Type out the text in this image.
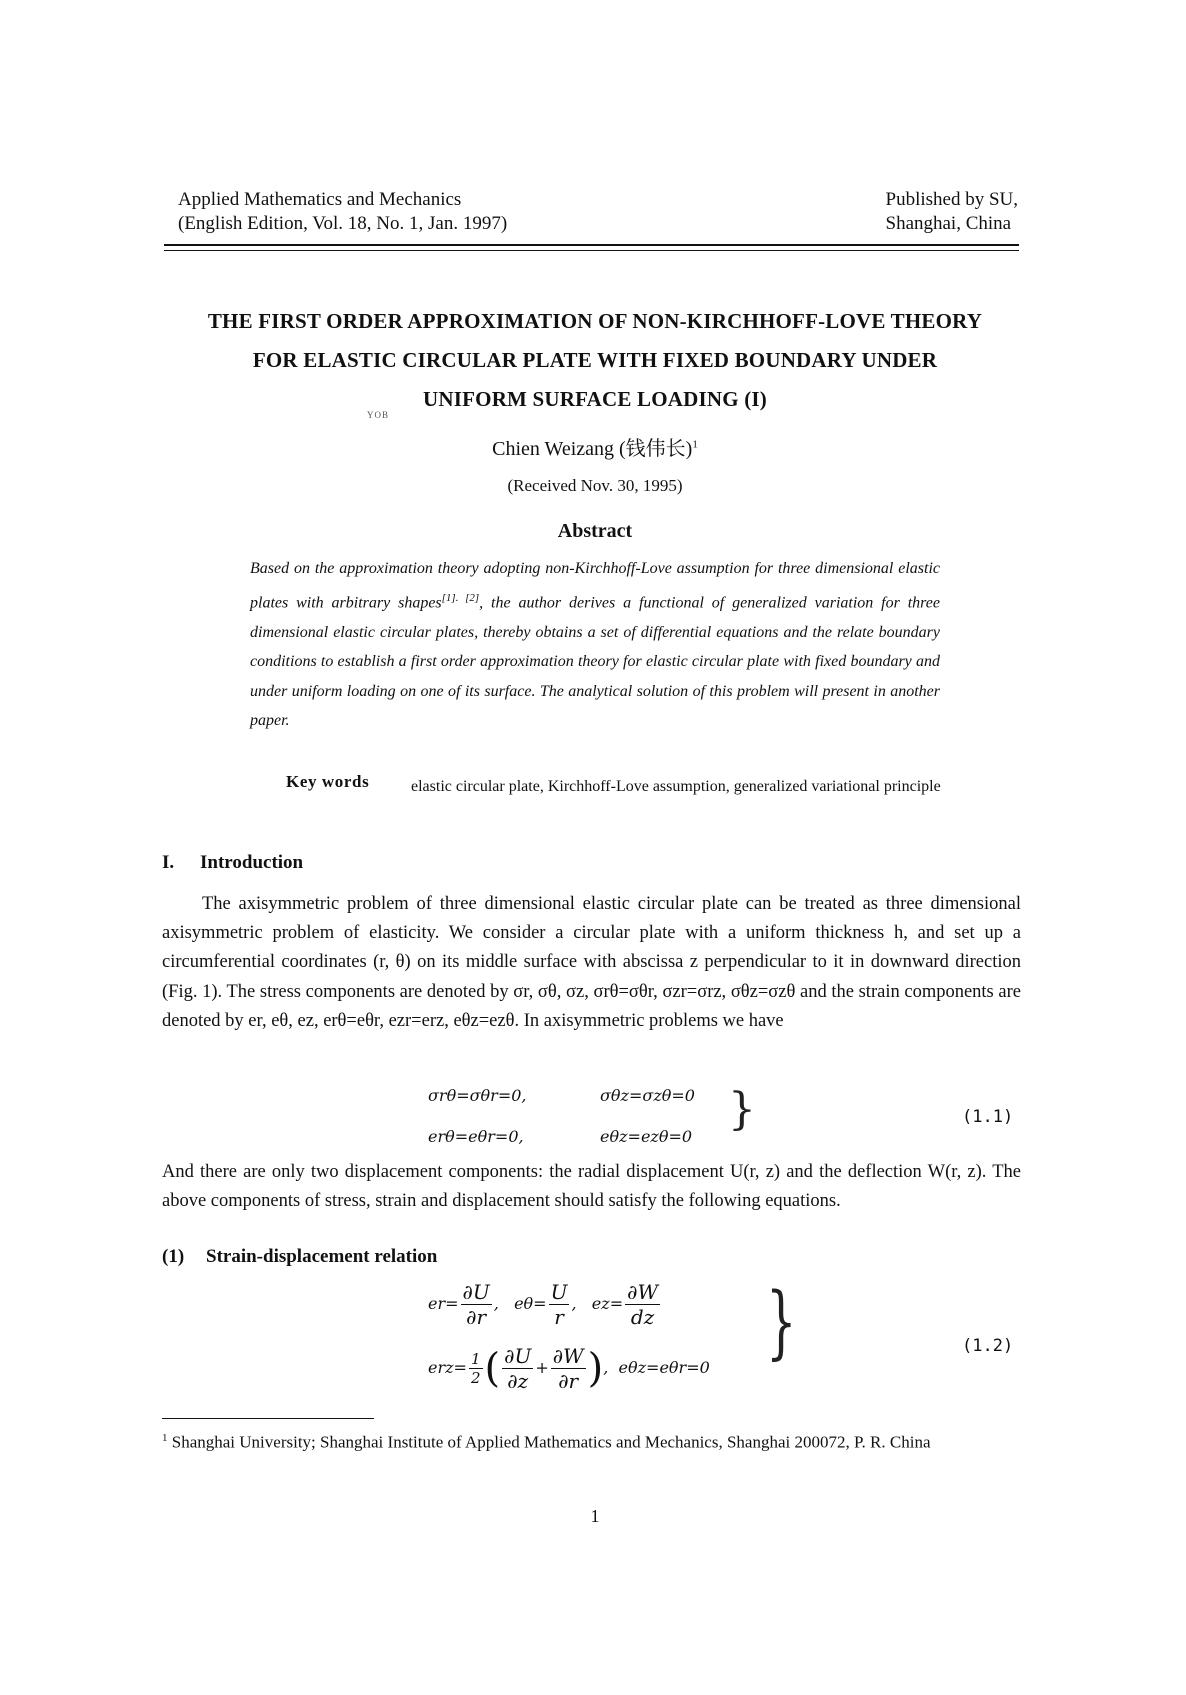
Applied Mathematics and Mechanics
(English Edition, Vol. 18, No. 1, Jan. 1997)
Published by SU,
Shanghai, China
THE FIRST ORDER APPROXIMATION OF NON-KIRCHHOFF-LOVE THEORY
FOR ELASTIC CIRCULAR PLATE WITH FIXED BOUNDARY UNDER
UNIFORM SURFACE LOADING (I)
YOB
Chien Weizang (钱伟长)$^1$
(Received Nov. 30, 1995)
Abstract
Based on the approximation theory adopting non-Kirchhoff-Love assumption for three dimensional elastic plates with arbitrary shapes[1]. [2], the author derives a functional of generalized variation for three dimensional elastic circular plates, thereby obtains a set of differential equations and the relate boundary conditions to establish a first order approximation theory for elastic circular plate with fixed boundary and under uniform loading on one of its surface. The analytical solution of this problem will present in another paper.
Key words	elastic circular plate, Kirchhoff-Love assumption, generalized variational principle
I. Introduction
The axisymmetric problem of three dimensional elastic circular plate can be treated as three dimensional axisymmetric problem of elasticity. We consider a circular plate with a uniform thickness h, and set up a circumferential coordinates (r, θ) on its middle surface with abscissa z perpendicular to it in downward direction (Fig. 1). The stress components are denoted by σr, σθ, σz, σrθ=σθr, σzr=σrz, σθz=σzθ and the strain components are denoted by er, eθ, ez, erθ=eθr, ezr=erz, eθz=ezθ. In axisymmetric problems we have
σrθ=σθr=0,	σθz=σzθ=0
erθ=eθr=0,	eθz=ezθ=0
}	(1.1)
And there are only two displacement components: the radial displacement U(r, z) and the deflection W(r, z). The above components of stress, strain and displacement should satisfy the following equations.
(1) Strain-displacement relation
$er= \frac{\partial U}{\partial r}$ ,   $e\theta= \frac{U}{r}$ ,   $ez= \frac{\partial W}{dz}$
$erz= \frac{1}{2}$ ( $\frac{\partial U}{\partial z} + \frac{\partial W}{\partial r}$ ),  eθz=eθr=0 }	(1.2)
$^1$ Shanghai University; Shanghai Institute of Applied Mathematics and Mechanics, Shanghai 200072, P. R. China
1
